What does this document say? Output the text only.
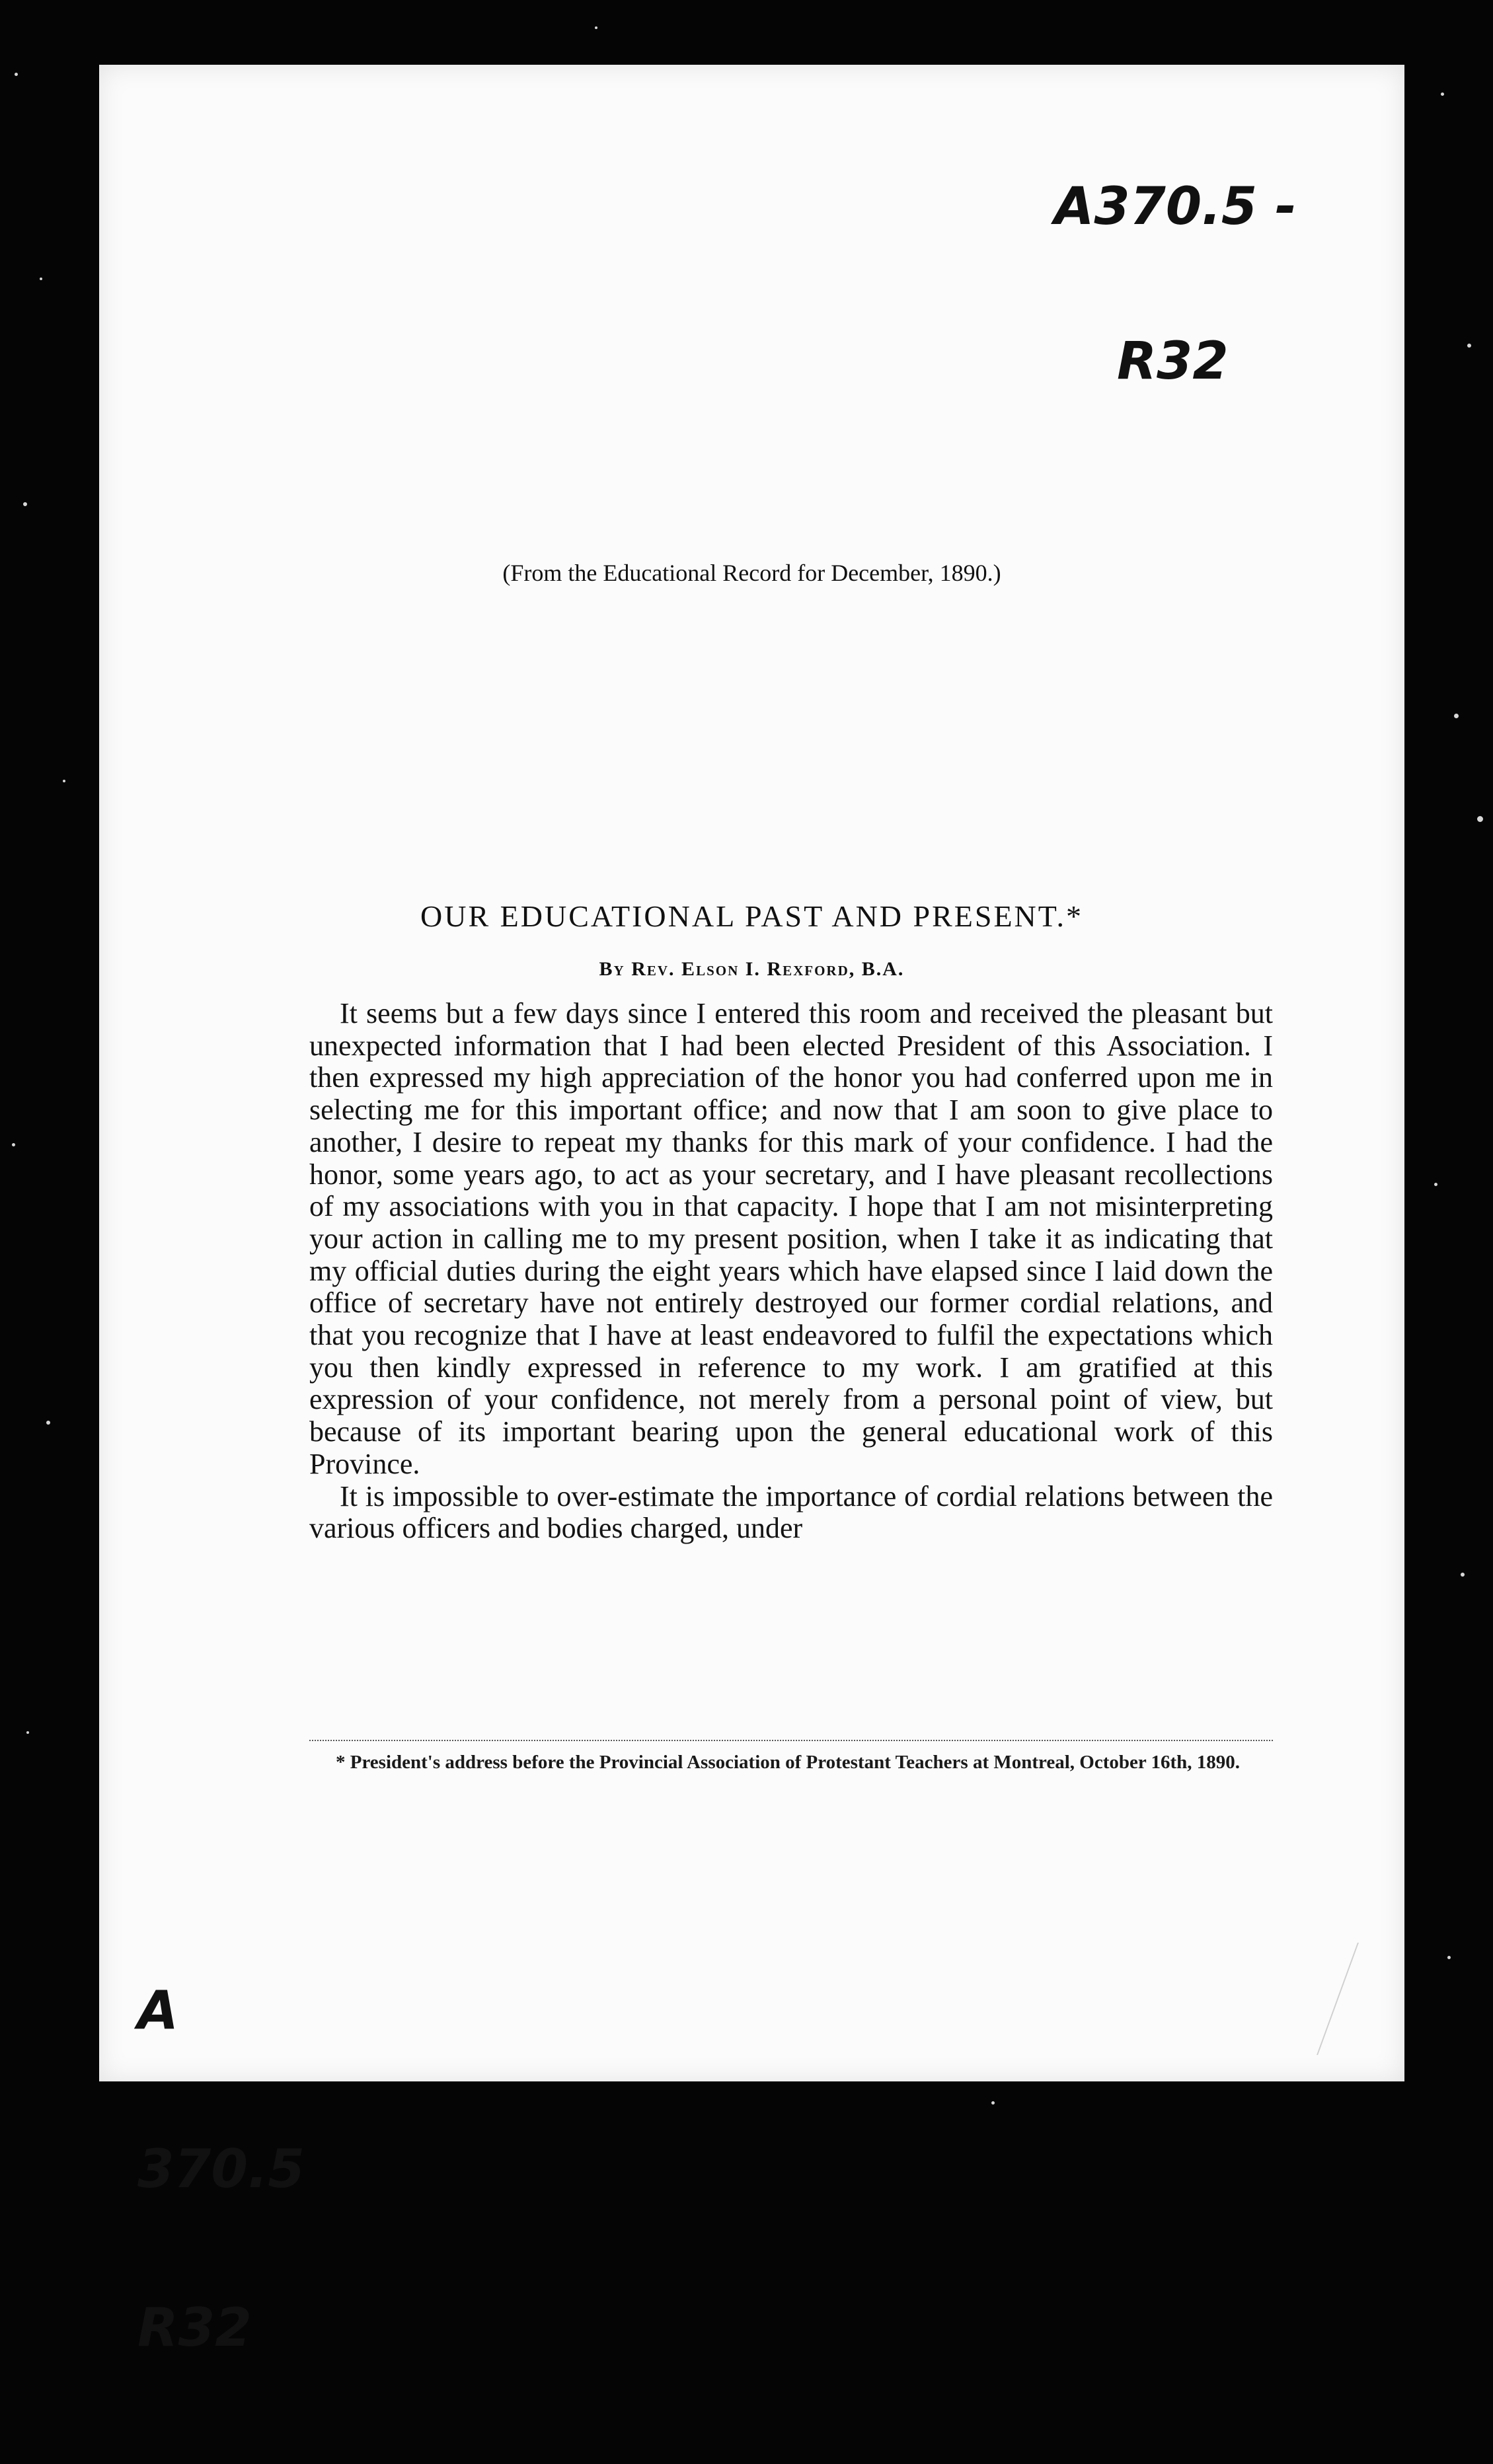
A370.5 -

R32

(From the Educational Record for December, 1890.)
OUR EDUCATIONAL PAST AND PRESENT.*
By Rev. Elson I. Rexford, B.A.

It seems but a few days since I entered this room and received the pleasant but unexpected information that I had been elected President of this Association. I then expressed my high appreciation of the honor you had conferred upon me in selecting me for this important office; and now that I am soon to give place to another, I desire to repeat my thanks for this mark of your confidence. I had the honor, some years ago, to act as your secretary, and I have pleasant recollections of my associations with you in that capacity. I hope that I am not misinterpreting your action in calling me to my present position, when I take it as indicating that my official duties during the eight years which have elapsed since I laid down the office of secretary have not entirely destroyed our former cordial relations, and that you recognize that I have at least endeavored to fulfil the expectations which you then kindly expressed in reference to my work. I am gratified at this expression of your confidence, not merely from a personal point of view, but because of its important bearing upon the general educational work of this Province.

It is impossible to over-estimate the importance of cordial relations between the various officers and bodies charged, under

* President's address before the Provincial Association of Protestant Teachers at Montreal, October 16th, 1890.

A

370.5

R32
